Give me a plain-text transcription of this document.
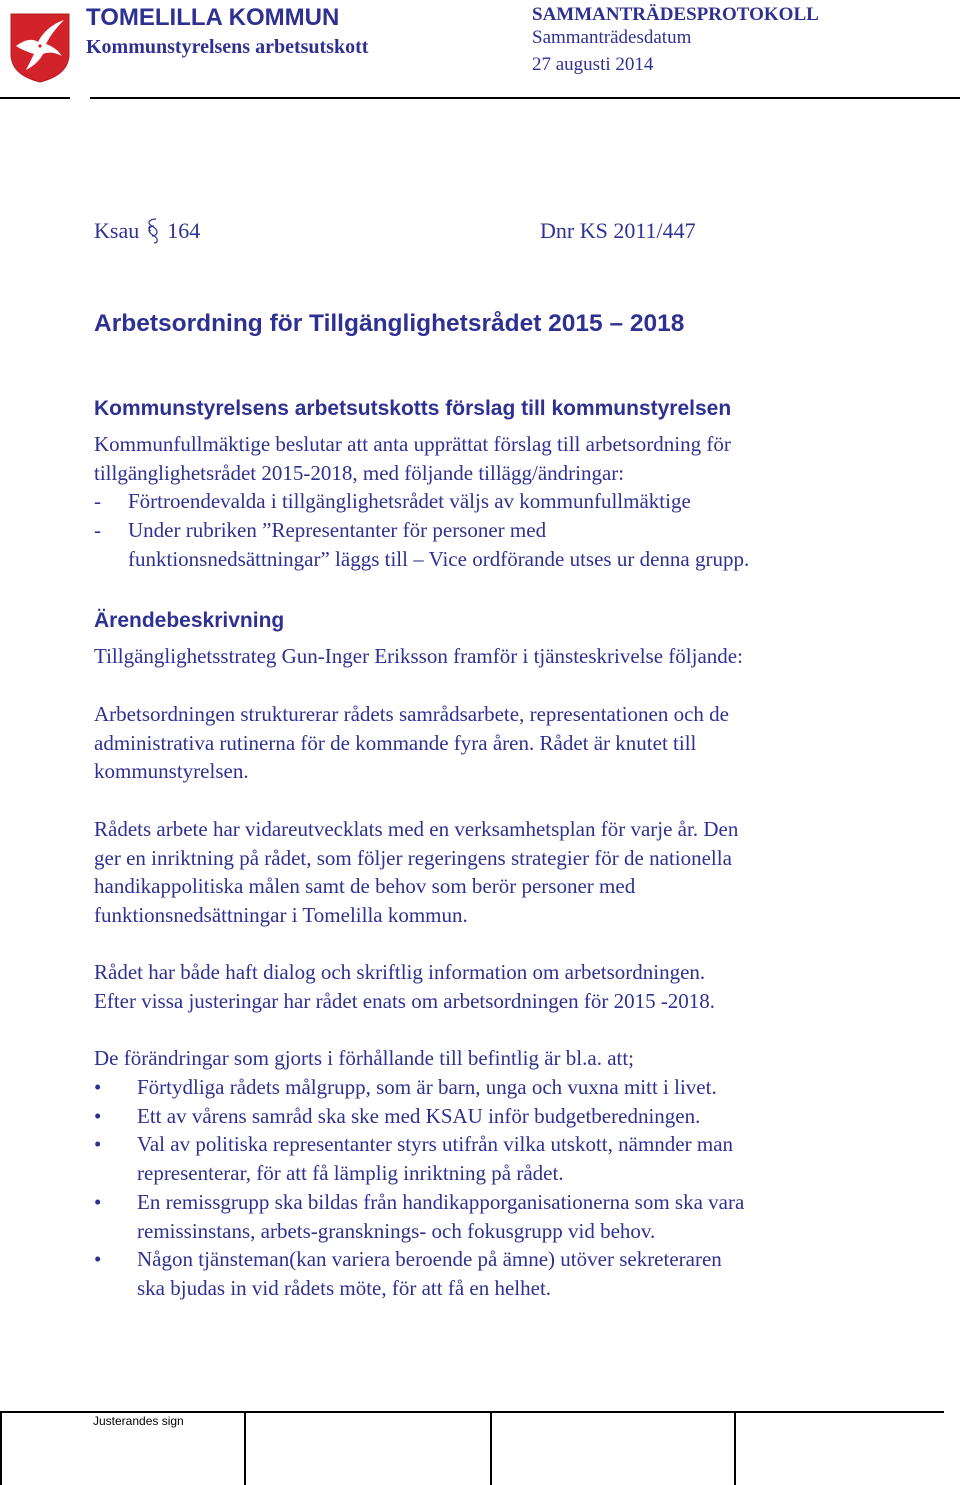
TOMELILLA KOMMUN
Kommunstyrelsens arbetsutskott
SAMMANTRÄDESPROTOKOLL
Sammanträdesdatum
27 augusti 2014
Ksau 164	Dnr KS 2011/447
Arbetsordning för Tillgänglighetsrådet 2015 – 2018
Kommunstyrelsens arbetsutskotts förslag till kommunstyrelsen
Kommunfullmäktige beslutar att anta upprättat förslag till arbetsordning för
tillgänglighetsrådet 2015-2018, med följande tillägg/ändringar:
- Förtroendevalda i tillgänglighetsrådet väljs av kommunfullmäktige
- Under rubriken ”Representanter för personer med
funktionsnedsättningar” läggs till – Vice ordförande utses ur denna grupp.
Ärendebeskrivning
Tillgänglighetsstrateg Gun-Inger Eriksson framför i tjänsteskrivelse följande:
Arbetsordningen strukturerar rådets samrådsarbete, representationen och de
administrativa rutinerna för de kommande fyra åren. Rådet är knutet till
kommunstyrelsen.
Rådets arbete har vidareutvecklats med en verksamhetsplan för varje år. Den
ger en inriktning på rådet, som följer regeringens strategier för de nationella
handikappolitiska målen samt de behov som berör personer med
funktionsnedsättningar i Tomelilla kommun.
Rådet har både haft dialog och skriftlig information om arbetsordningen.
Efter vissa justeringar har rådet enats om arbetsordningen för 2015 -2018.
De förändringar som gjorts i förhållande till befintlig är bl.a. att;
• Förtydliga rådets målgrupp, som är barn, unga och vuxna mitt i livet.
• Ett av vårens samråd ska ske med KSAU inför budgetberedningen.
• Val av politiska representanter styrs utifrån vilka utskott, nämnder man
representerar, för att få lämplig inriktning på rådet.
• En remissgrupp ska bildas från handikapporganisationerna som ska vara
remissinstans, arbets-gransknings- och fokusgrupp vid behov.
• Någon tjänsteman(kan variera beroende på ämne) utöver sekreteraren
ska bjudas in vid rådets möte, för att få en helhet.
Justerandes sign
